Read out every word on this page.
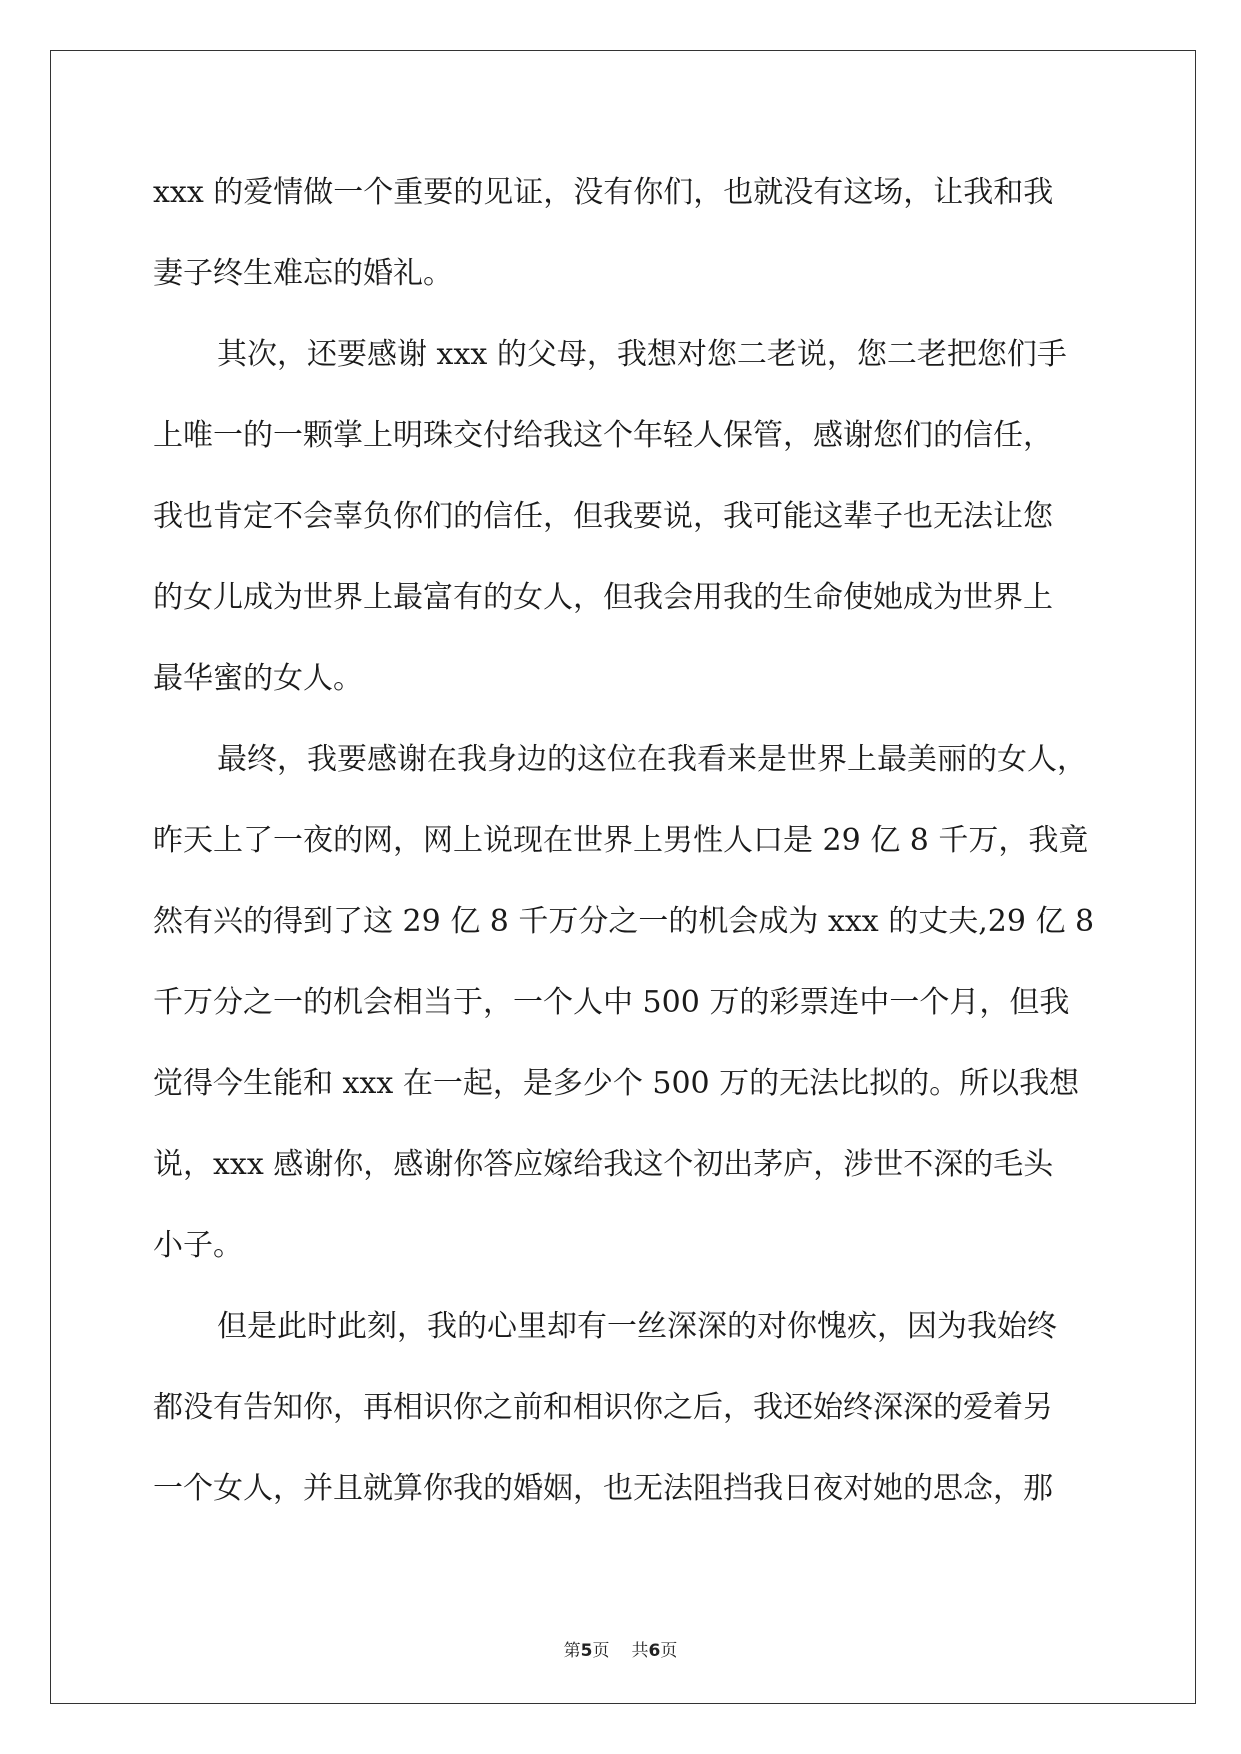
xxx 的爱情做一个重要的见证，没有你们，也就没有这场，让我和我
妻子终生难忘的婚礼。
其次，还要感谢 xxx 的父母，我想对您二老说，您二老把您们手
上唯一的一颗掌上明珠交付给我这个年轻人保管，感谢您们的信任，
我也肯定不会辜负你们的信任，但我要说，我可能这辈子也无法让您
的女儿成为世界上最富有的女人，但我会用我的生命使她成为世界上
最华蜜的女人。
最终，我要感谢在我身边的这位在我看来是世界上最美丽的女人，
昨天上了一夜的网，网上说现在世界上男性人口是 29 亿 8 千万，我竟
然有兴的得到了这 29 亿 8 千万分之一的机会成为 xxx 的丈夫,29 亿 8
千万分之一的机会相当于，一个人中 500 万的彩票连中一个月，但我
觉得今生能和 xxx 在一起，是多少个 500 万的无法比拟的。所以我想
说，xxx 感谢你，感谢你答应嫁给我这个初出茅庐，涉世不深的毛头
小子。
但是此时此刻，我的心里却有一丝深深的对你愧疚，因为我始终
都没有告知你，再相识你之前和相识你之后，我还始终深深的爱着另
一个女人，并且就算你我的婚姻，也无法阻挡我日夜对她的思念，那
第5页 共6页
